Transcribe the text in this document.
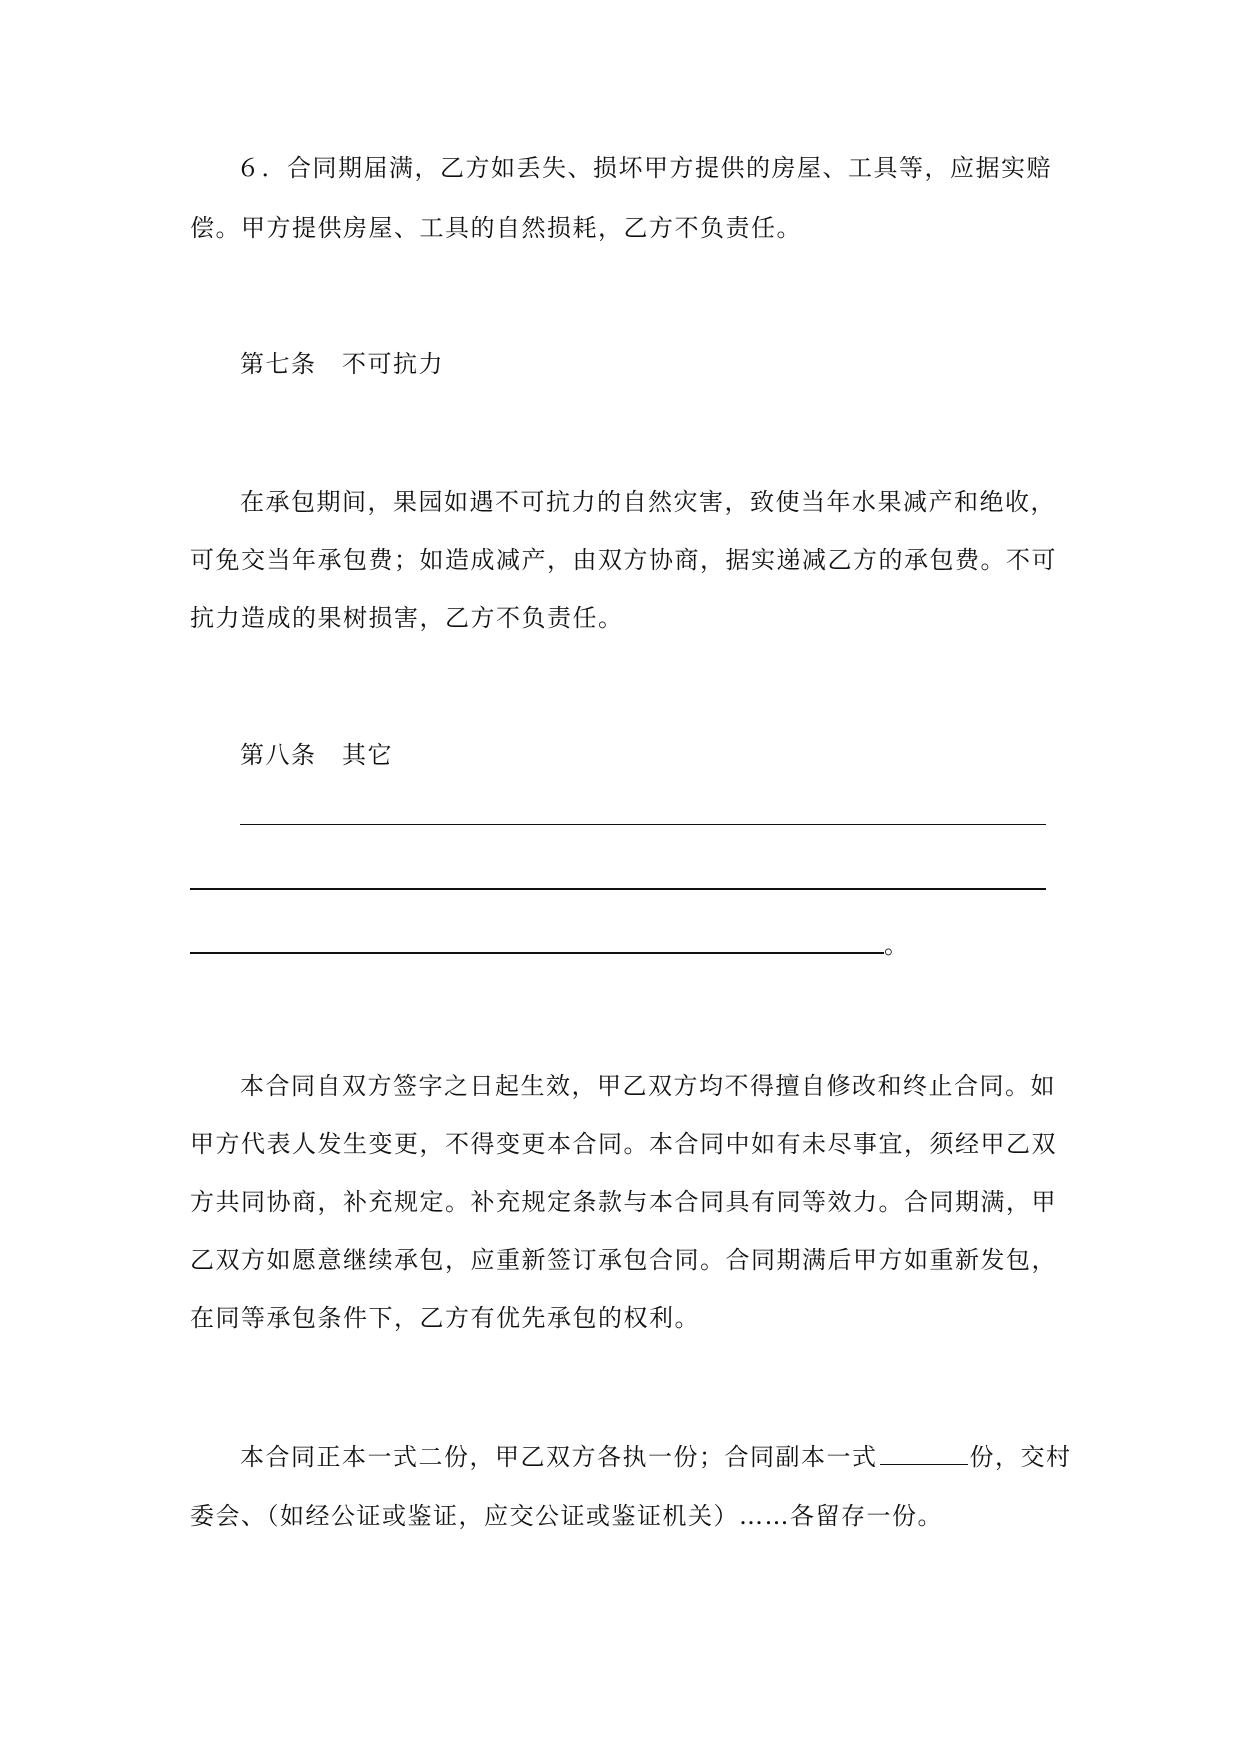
６．合同期届满，乙方如丢失、损坏甲方提供的房屋、工具等，应据实赔
偿。甲方提供房屋、工具的自然损耗，乙方不负责任。
第七条　不可抗力
在承包期间，果园如遇不可抗力的自然灾害，致使当年水果减产和绝收，
可免交当年承包费；如造成减产，由双方协商，据实递减乙方的承包费。不可
抗力造成的果树损害，乙方不负责任。
第八条　其它
。
本合同自双方签字之日起生效，甲乙双方均不得擅自修改和终止合同。如
甲方代表人发生变更，不得变更本合同。本合同中如有未尽事宜，须经甲乙双
方共同协商，补充规定。补充规定条款与本合同具有同等效力。合同期满，甲
乙双方如愿意继续承包，应重新签订承包合同。合同期满后甲方如重新发包，
在同等承包条件下，乙方有优先承包的权利。
本合同正本一式二份，甲乙双方各执一份；合同副本一式	份，交村
委会、（如经公证或鉴证，应交公证或鉴证机关）……各留存一份。
